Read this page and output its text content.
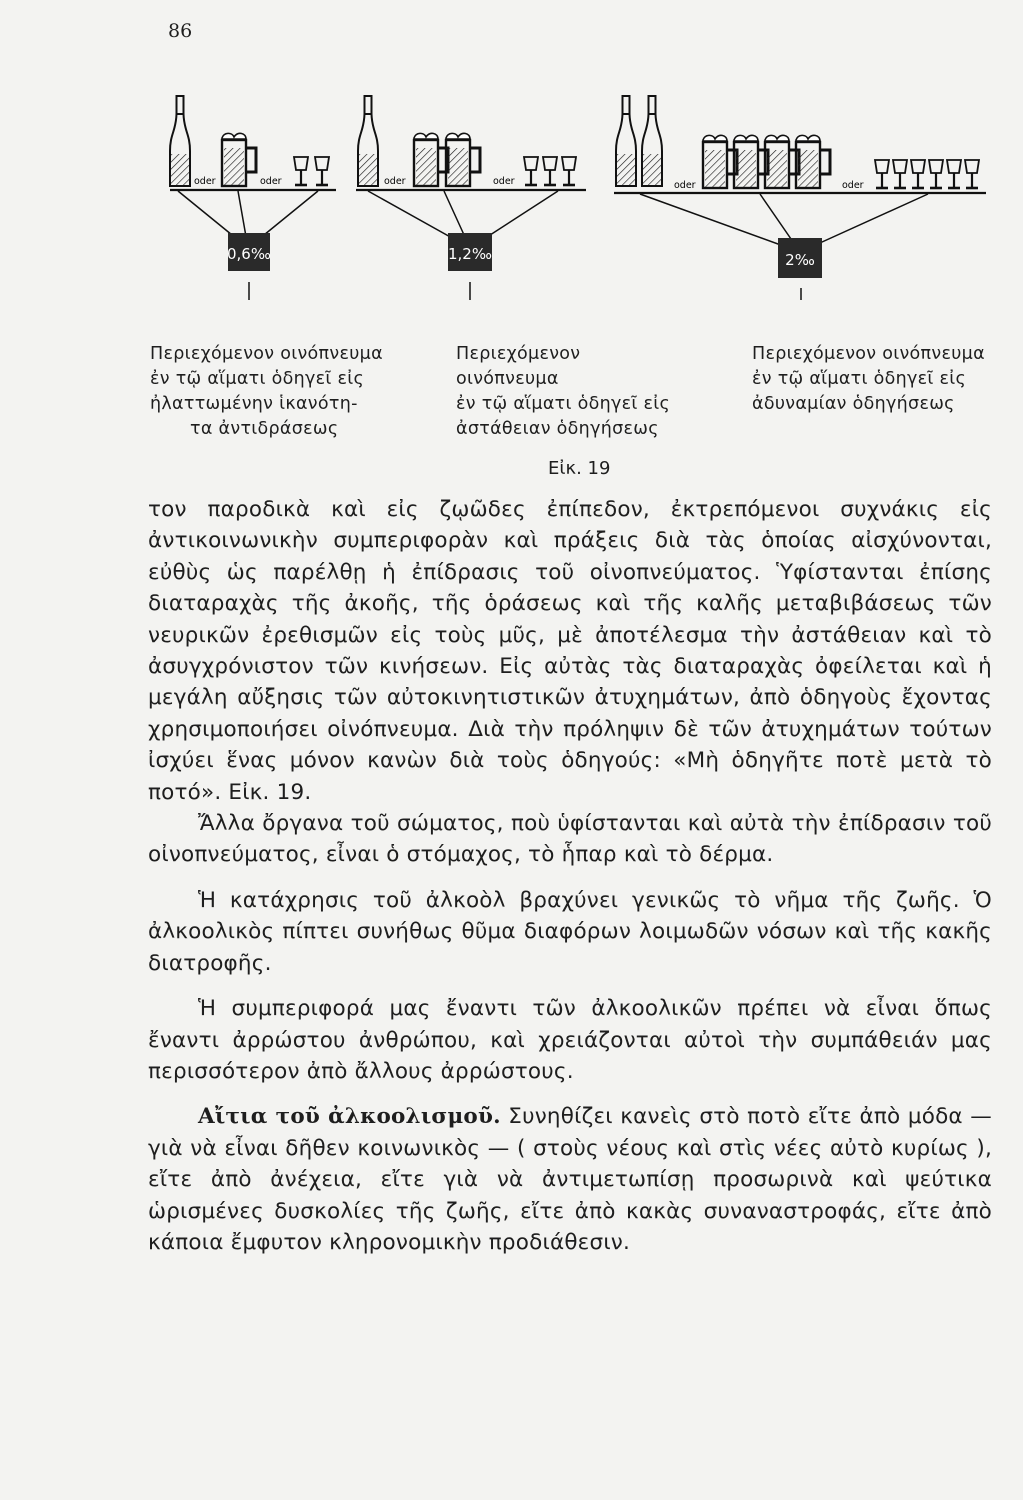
86
oder	oder
0,6‰
oder	oder
1,2‰
oder	oder
2‰
Περιεχόμενον οινόπνευμα
ἐν τῷ αἵματι ὁδηγεῖ εἰς
ἠλαττωμένην ἱκανότη-
τα ἀντιδράσεως
Περιεχόμενον οινόπνευμα
ἐν τῷ αἵματι ὁδηγεῖ εἰς
ἀστάθειαν ὁδηγήσεως
Περιεχόμενον οινόπνευμα
ἐν τῷ αἵματι ὁδηγεῖ εἰς
ἀδυναμίαν ὁδηγήσεως
Εἰκ. 19

τον παροδικὰ καὶ εἰς ζῳῶδες ἐπίπεδον, ἐκτρεπόμενοι συχνάκις εἰς ἀντικοινωνικὴν συμπεριφορὰν καὶ πράξεις διὰ τὰς ὁποίας αἰσχύνονται, εὐθὺς ὡς παρέλθῃ ἡ ἐπίδρασις τοῦ οἰνοπνεύματος. Ὑφίστανται ἐπίσης διαταραχὰς τῆς ἀκοῆς, τῆς ὁράσεως καὶ τῆς καλῆς μεταβιβάσεως τῶν νευρικῶν ἐρεθισμῶν εἰς τοὺς μῦς, μὲ ἀποτέλεσμα τὴν ἀστάθειαν καὶ τὸ ἀσυγχρόνιστον τῶν κινήσεων. Εἰς αὐτὰς τὰς διαταραχὰς ὀφείλεται καὶ ἡ μεγάλη αὔξησις τῶν αὐτοκινητιστικῶν ἀτυχημάτων, ἀπὸ ὁδηγοὺς ἔχοντας χρησιμοποιήσει οἰνόπνευμα. Διὰ τὴν πρόληψιν δὲ τῶν ἀτυχημάτων τούτων ἰσχύει ἕνας μόνον κανὼν διὰ τοὺς ὁδηγούς: «Μὴ ὁδηγῆτε ποτὲ μετὰ τὸ ποτό». Εἰκ. 19.

Ἄλλα ὄργανα τοῦ σώματος, ποὺ ὑφίστανται καὶ αὐτὰ τὴν ἐπίδρασιν τοῦ οἰνοπνεύματος, εἶναι ὁ στόμαχος, τὸ ἧπαρ καὶ τὸ δέρμα.

Ἡ κατάχρησις τοῦ ἀλκοὸλ βραχύνει γενικῶς τὸ νῆμα τῆς ζωῆς. Ὁ ἀλκοολικὸς πίπτει συνήθως θῦμα διαφόρων λοιμωδῶν νόσων καὶ τῆς κακῆς διατροφῆς.

Ἡ συμπεριφορά μας ἔναντι τῶν ἀλκοολικῶν πρέπει νὰ εἶναι ὅπως ἔναντι ἀρρώστου ἀνθρώπου, καὶ χρειάζονται αὐτοὶ τὴν συμπάθειάν μας περισσότερον ἀπὸ ἄλλους ἀρρώστους.

Αἴτια τοῦ ἀλκοολισμοῦ. Συνηθίζει κανεὶς στὸ ποτὸ εἴτε ἀπὸ μόδα — γιὰ νὰ εἶναι δῆθεν κοινωνικὸς — ( στοὺς νέους καὶ στὶς νέες αὐτὸ κυρίως ), εἴτε ἀπὸ ἀνέχεια, εἴτε γιὰ νὰ ἀντιμετωπίσῃ προσωρινὰ καὶ ψεύτικα ὡρισμένες δυσκολίες τῆς ζωῆς, εἴτε ἀπὸ κακὰς συναναστροφάς, εἴτε ἀπὸ κάποια ἔμφυτον κληρονομικὴν προδιάθεσιν.
